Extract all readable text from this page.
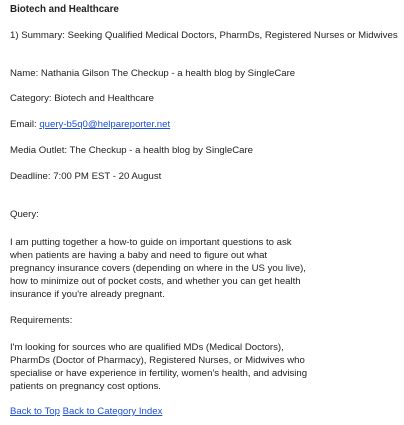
Biotech and Healthcare
1) Summary: Seeking Qualified Medical Doctors, PharmDs, Registered Nurses or Midwives
Name: Nathania Gilson The Checkup - a health blog by SingleCare
Category: Biotech and Healthcare
Email: query-b5q0@helpareporter.net
Media Outlet: The Checkup - a health blog by SingleCare
Deadline: 7:00 PM EST - 20 August
Query:
I am putting together a how-to guide on important questions to ask when patients are having a baby and need to figure out what pregnancy insurance covers (depending on where in the US you live), how to minimize out of pocket costs, and whether you can get health insurance if you're already pregnant.
Requirements:
I'm looking for sources who are qualified MDs (Medical Doctors), PharmDs (Doctor of Pharmacy), Registered Nurses, or Midwives who specialise or have experience in fertility, women's health, and advising patients on pregnancy cost options.
Back to Top Back to Category Index
